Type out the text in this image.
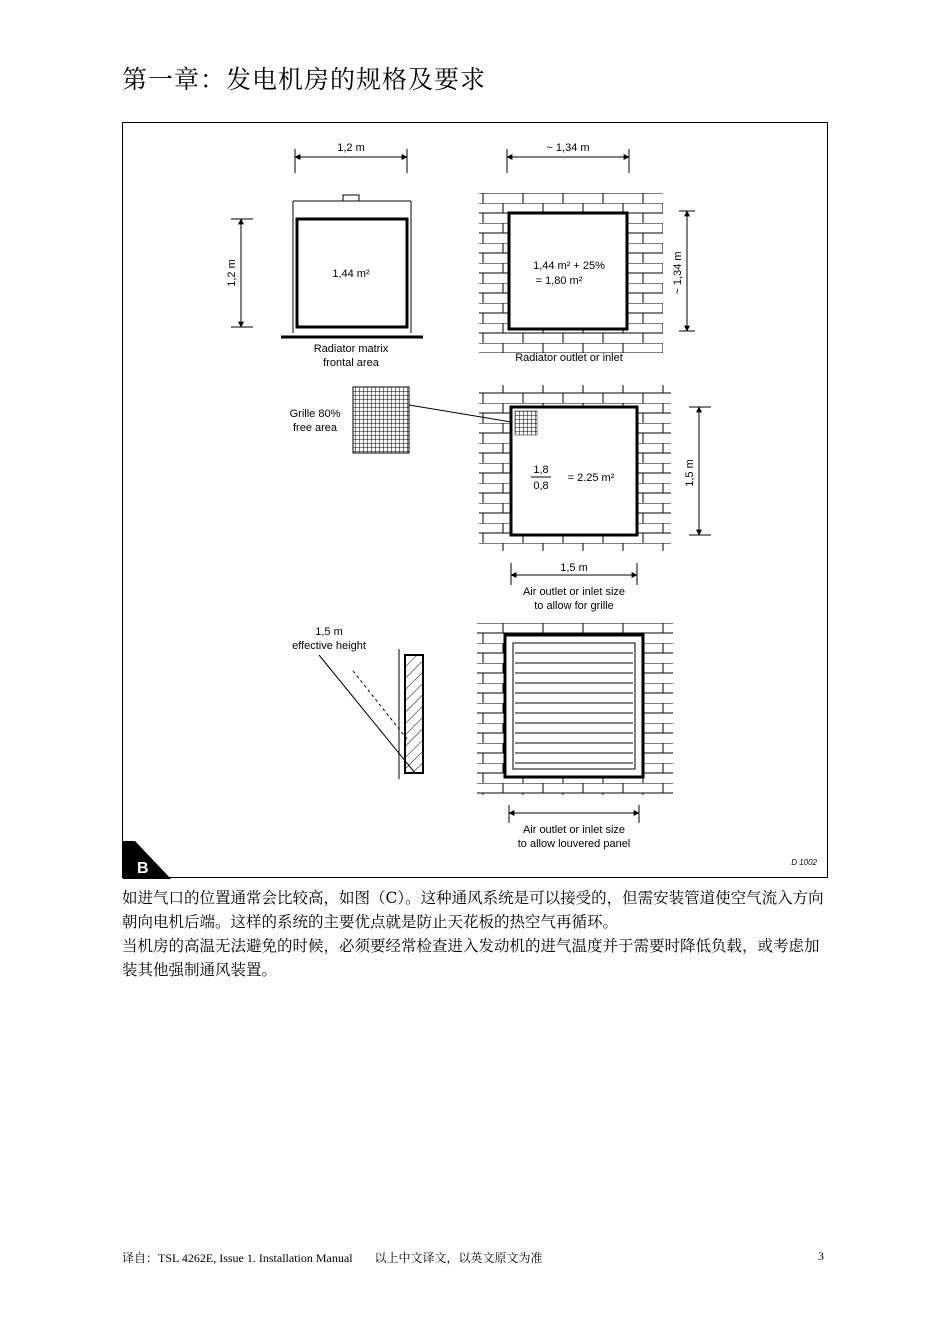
第一章：发电机房的规格及要求
1,2 m
1,44 m²
1,2 m
Radiator matrix
frontal area
~ 1,34 m
1,44 m² + 25%
= 1,80 m²	~ 1,34 m
Radiator outlet or inlet
Grille 80%
free area
1,8
0,8
= 2.25 m²	1,5 m
1,5 m
Air outlet or inlet size
to allow for grille
1,5 m
effective height
Air outlet or inlet size
to allow louvered panel
B	D 1002

如进气口的位置通常会比较高，如图（C）。这种通风系统是可以接受的，但需安装管道使空气流入方向朝向电机后端。这样的系统的主要优点就是防止天花板的热空气再循环。

当机房的高温无法避免的时候，必须要经常检查进入发动机的进气温度并于需要时降低负载，或考虑加装其他强制通风装置。

译自：TSL 4262E, Issue 1. Installation Manual 以上中文译文，以英文原文为准	3
